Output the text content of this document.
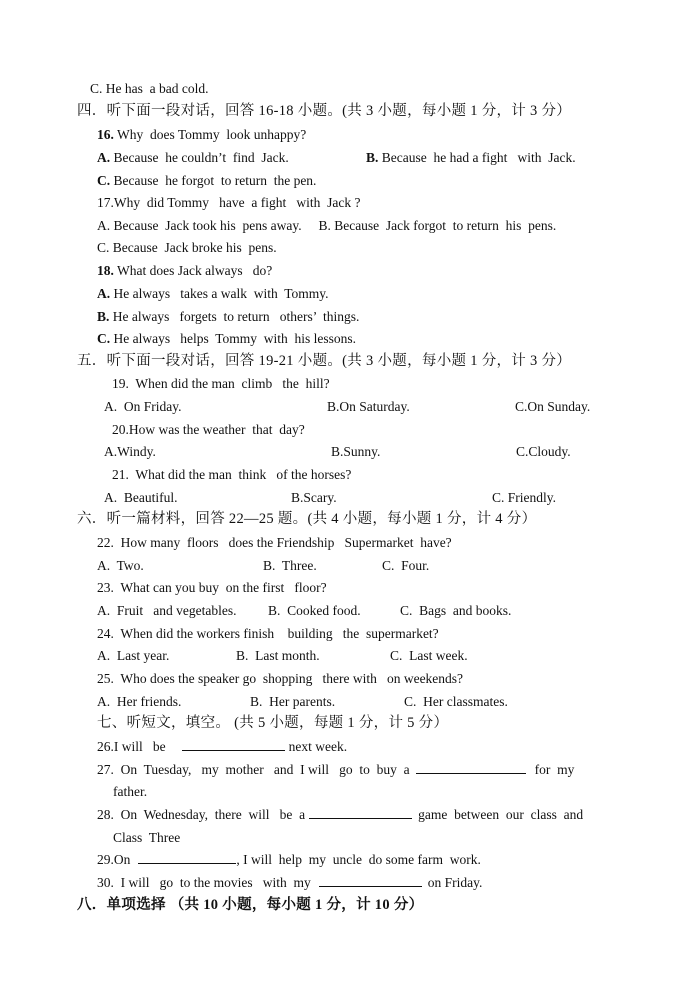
C. He has  a bad cold.
四．听下面一段对话，回答 16-18 小题。(共 3 小题，每小题 1 分，计 3 分）
16. Why  does Tommy  look unhappy?
A. Because  he couldn’t  find  Jack.	B. Because  he had a fight   with  Jack.
C. Because  he forgot  to return  the pen.
17.Why  did Tommy   have  a fight   with  Jack ?
A. Because  Jack took his  pens away.     B. Because  Jack forgot  to return  his  pens.
C. Because  Jack broke his  pens.
18. What does Jack always   do?
A. He always   takes a walk  with  Tommy.
B. He always   forgets  to return   others’  things.
C. He always   helps  Tommy  with  his lessons.
五．听下面一段对话，回答 19-21 小题。(共 3 小题，每小题 1 分，计 3 分）
19.  When did the man  climb   the  hill?
A.  On Friday.	B.On Saturday.	C.On Sunday.
20.How was the weather  that  day?
A.Windy.	B.Sunny.	C.Cloudy.
21.  What did the man  think   of the horses?
A.  Beautiful.	B.Scary.	C. Friendly.
六．听一篇材料，回答 22—25 题。(共 4 小题，每小题 1 分，计 4 分）
22.  How many  floors   does the Friendship   Supermarket  have?
A.  Two.	B.  Three.	C.  Four.
23.  What can you buy  on the first   floor?
A.  Fruit   and vegetables. B.  Cooked food.	C.  Bags  and books.
24.  When did the workers finish    building   the  supermarket?
A.  Last year.	B.  Last month.	C.  Last week.
25.  Who does the speaker go  shopping   there with   on weekends?
A.  Her friends.	B.  Her parents.	C.  Her classmates.
七、听短文，填空。 (共 5 小题，每题 1 分，计 5 分）
26.I will   be	next week.
27.  On  Tuesday,   my  mother   and  I will   go  to  buy  a	for  my
father.
28.  On  Wednesday,  there  will   be  a	game  between  our  class  and
Class  Three
29.On	, I will  help  my  uncle  do some farm  work.
30.  I will   go  to the movies   with  my	on Friday.
八．单项选择 （共 10 小题，每小题 1 分，计 10 分）
